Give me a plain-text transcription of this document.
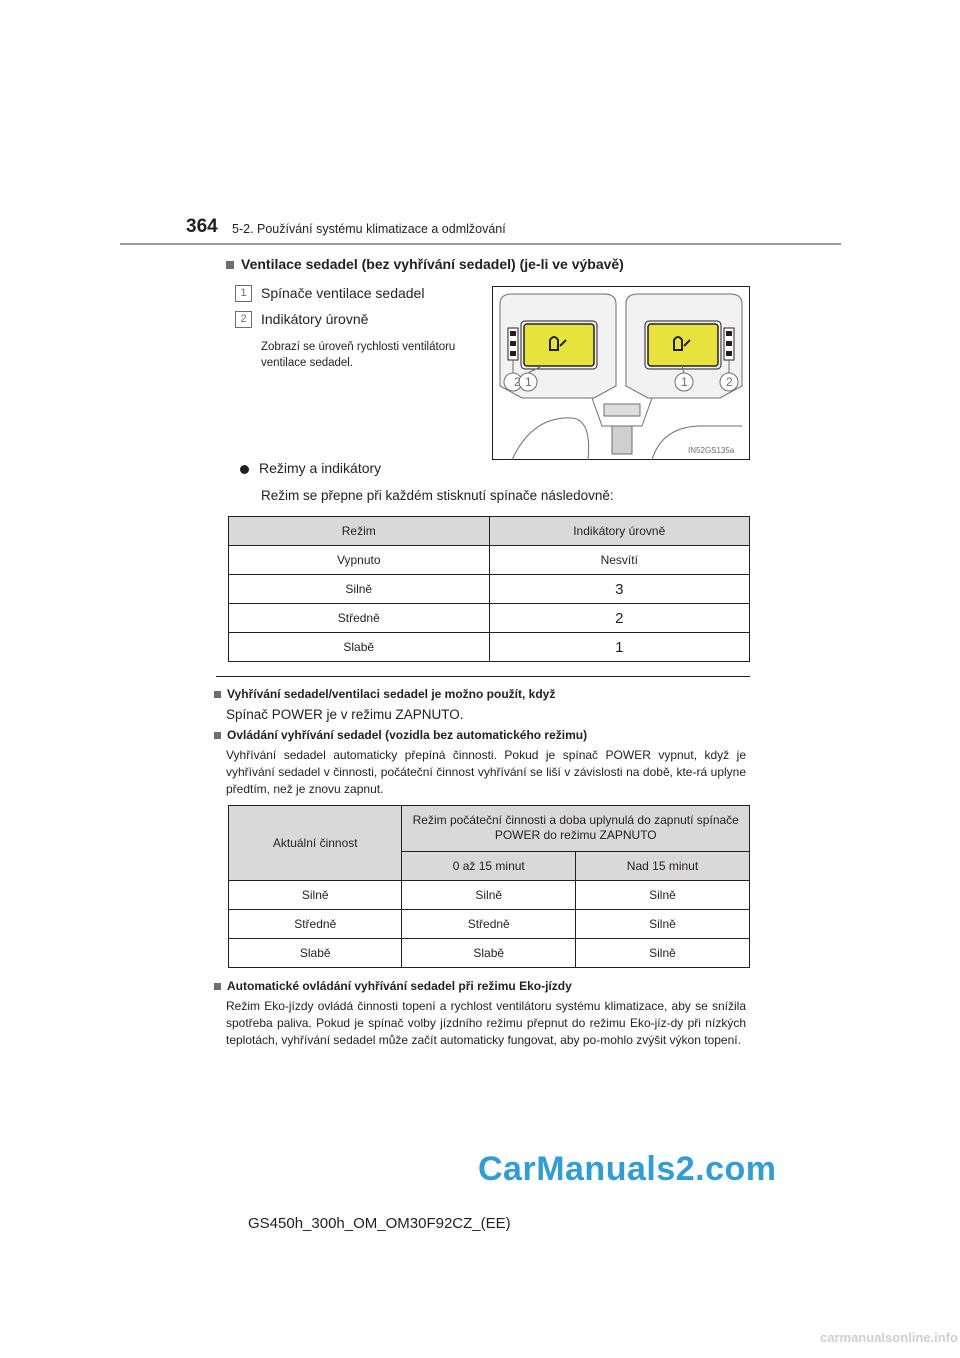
364 5-2. Používání systému klimatizace a odmlžování
Ventilace sedadel (bez vyhřívání sedadel) (je-li ve výbavě)
1	Spínače ventilace sedadel
2	Indikátory úrovně
Zobrazí se úroveň rychlosti ventilátoru ventilace sedadel.
2 1	1	2
IN52GS135a
Režimy a indikátory
Režim se přepne při každém stisknutí spínače následovně:
Režim	Indikátory úrovně
Vypnuto	Nesvítí
Silně	3
Středně	2
Slabě	1
Vyhřívání sedadel/ventilaci sedadel je možno použít, když
Spínač POWER je v režimu ZAPNUTO.
Ovládání vyhřívání sedadel (vozidla bez automatického režimu)
Vyhřívání sedadel automaticky přepíná činnosti. Pokud je spínač POWER vypnut, když je vyhřívání sedadel v činnosti, počáteční činnost vyhřívání se liší v závislosti na době, kte-rá uplyne předtím, než je znovu zapnut.
Aktuální činnost	Režim počáteční činnosti a doba uplynulá do zapnutí spínače POWER do režimu ZAPNUTO	
	0 až 15 minut	Nad 15 minut
Silně	Silně	Silně
Středně	Středně	Silně
Slabě	Slabě	Silně
Automatické ovládání vyhřívání sedadel při režimu Eko-jízdy
Režim Eko-jízdy ovládá činnosti topení a rychlost ventilátoru systému klimatizace, aby se snížila spotřeba paliva. Pokud je spínač volby jízdního režimu přepnut do režimu Eko-jíz-dy při nízkých teplotách, vyhřívání sedadel může začít automaticky fungovat, aby po-mohlo zvýšit výkon topení.
CarManuals2.com
GS450h_300h_OM_OM30F92CZ_(EE)
carmanualsonline.info
